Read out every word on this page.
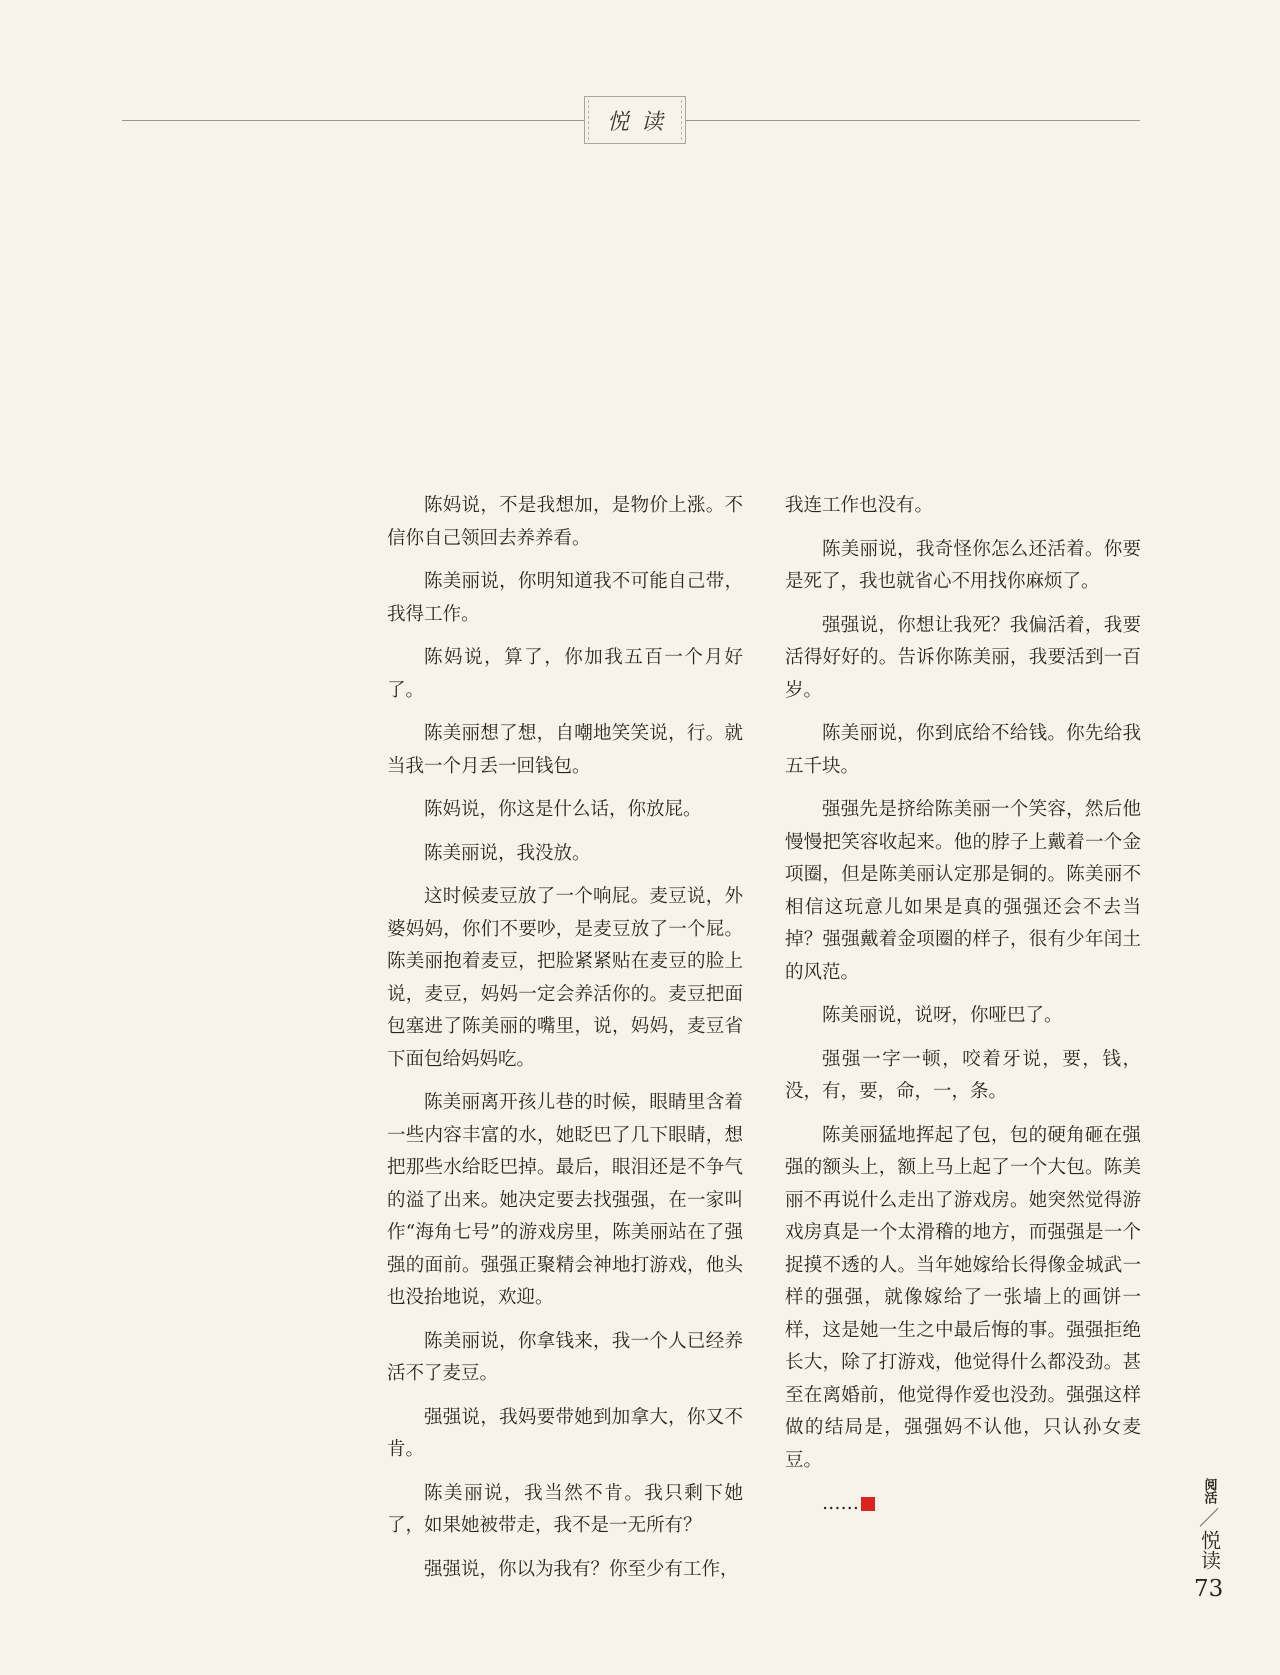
悦读

陈妈说，不是我想加，是物价上涨。不信你自己领回去养养看。

陈美丽说，你明知道我不可能自己带，我得工作。

陈妈说，算了，你加我五百一个月好了。

陈美丽想了想，自嘲地笑笑说，行。就当我一个月丢一回钱包。

陈妈说，你这是什么话，你放屁。

陈美丽说，我没放。

这时候麦豆放了一个响屁。麦豆说，外婆妈妈，你们不要吵，是麦豆放了一个屁。陈美丽抱着麦豆，把脸紧紧贴在麦豆的脸上说，麦豆，妈妈一定会养活你的。麦豆把面包塞进了陈美丽的嘴里，说，妈妈，麦豆省下面包给妈妈吃。

陈美丽离开孩儿巷的时候，眼睛里含着一些内容丰富的水，她眨巴了几下眼睛，想把那些水给眨巴掉。最后，眼泪还是不争气的溢了出来。她决定要去找强强，在一家叫作“海角七号”的游戏房里，陈美丽站在了强强的面前。强强正聚精会神地打游戏，他头也没抬地说，欢迎。

陈美丽说，你拿钱来，我一个人已经养活不了麦豆。

强强说，我妈要带她到加拿大，你又不肯。

陈美丽说，我当然不肯。我只剩下她了，如果她被带走，我不是一无所有？

强强说，你以为我有？你至少有工作，

我连工作也没有。

陈美丽说，我奇怪你怎么还活着。你要是死了，我也就省心不用找你麻烦了。

强强说，你想让我死？我偏活着，我要活得好好的。告诉你陈美丽，我要活到一百岁。

陈美丽说，你到底给不给钱。你先给我五千块。

强强先是挤给陈美丽一个笑容，然后他慢慢把笑容收起来。他的脖子上戴着一个金项圈，但是陈美丽认定那是铜的。陈美丽不相信这玩意儿如果是真的强强还会不去当掉？强强戴着金项圈的样子，很有少年闰土的风范。

陈美丽说，说呀，你哑巴了。

强强一字一顿，咬着牙说，要，钱，没，有，要，命，一，条。

陈美丽猛地挥起了包，包的硬角砸在强强的额头上，额上马上起了一个大包。陈美丽不再说什么走出了游戏房。她突然觉得游戏房真是一个太滑稽的地方，而强强是一个捉摸不透的人。当年她嫁给长得像金城武一样的强强，就像嫁给了一张墙上的画饼一样，这是她一生之中最后悔的事。强强拒绝长大，除了打游戏，他觉得什么都没劲。甚至在离婚前，他觉得作爱也没劲。强强这样做的结局是，强强妈不认他，只认孙女麦豆。

……	阅活
／
悦读
73
